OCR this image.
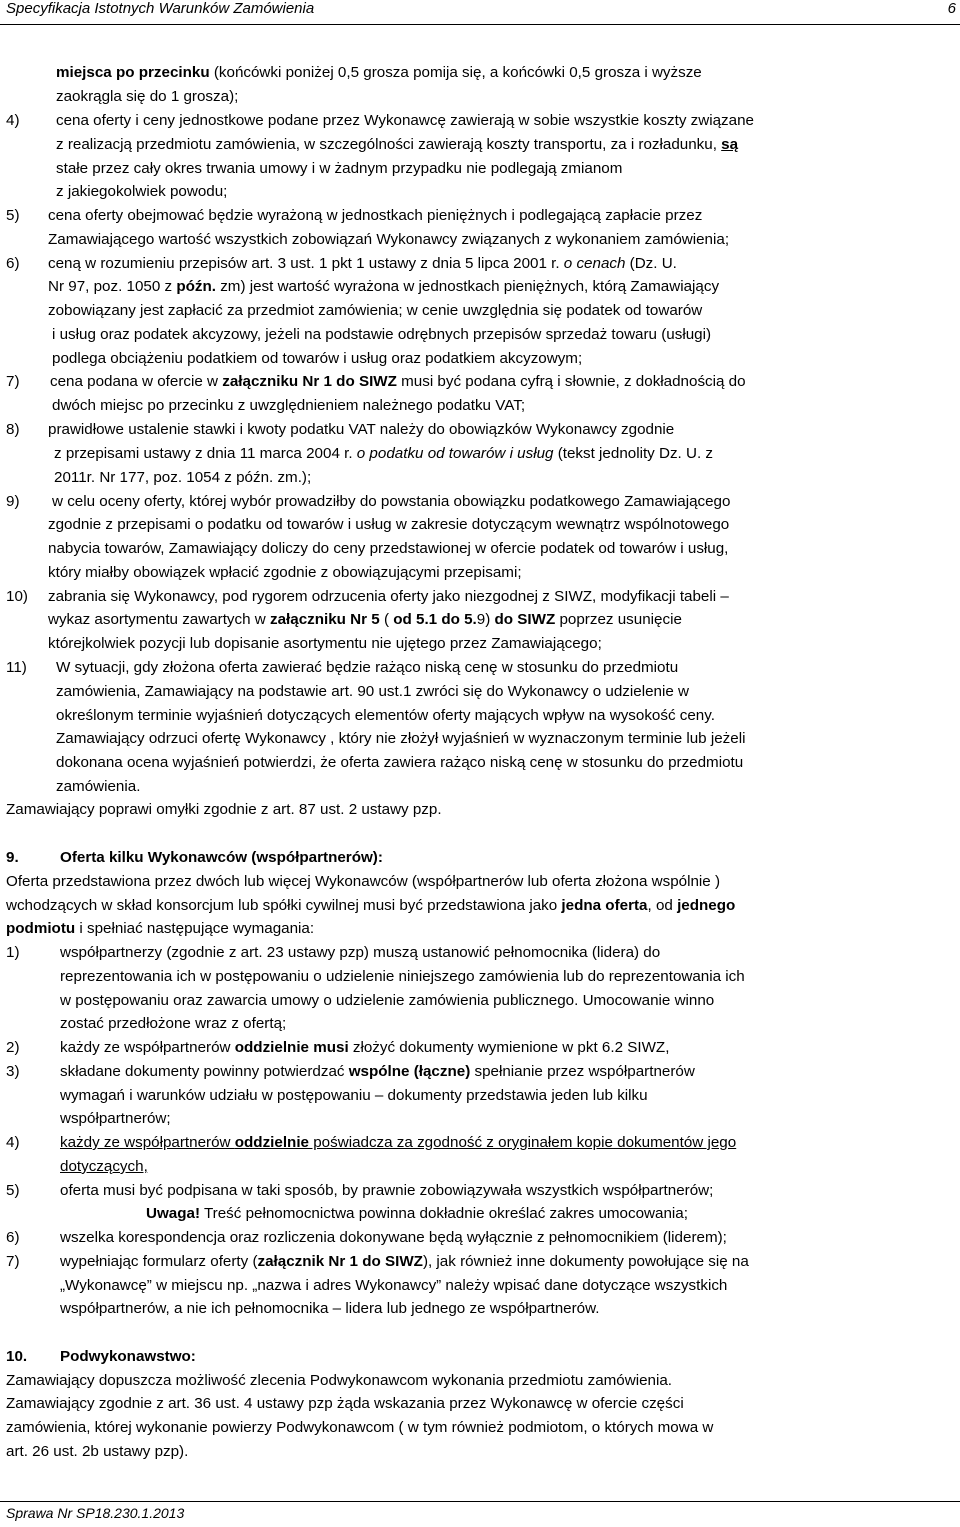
Specyfikacja Istotnych Warunków Zamówienia	6
miejsca po przecinku (końcówki poniżej 0,5 grosza pomija się, a końcówki 0,5 grosza i wyższe
zaokrągla się do 1 grosza);
4) cena oferty i ceny jednostkowe podane przez Wykonawcę zawierają w sobie wszystkie koszty związane
z realizacją przedmiotu zamówienia, w szczególności zawierają koszty transportu, za i rozładunku, są
stałe przez cały okres trwania umowy i w żadnym przypadku nie podlegają zmianom
z jakiegokolwiek powodu;
5) cena oferty obejmować będzie wyrażoną w jednostkach pieniężnych i podlegającą zapłacie przez
Zamawiającego wartość wszystkich zobowiązań Wykonawcy związanych z wykonaniem zamówienia;
6) ceną w rozumieniu przepisów art. 3 ust. 1 pkt 1 ustawy z dnia 5 lipca 2001 r. o cenach (Dz. U.
Nr 97, poz. 1050 z późn. zm) jest wartość wyrażona w jednostkach pieniężnych, którą Zamawiający
zobowiązany jest zapłacić za przedmiot zamówienia; w cenie uwzględnia się podatek od towarów
i usług oraz podatek akcyzowy, jeżeli na podstawie odrębnych przepisów sprzedaż towaru (usługi)
podlega obciążeniu podatkiem od towarów i usług oraz podatkiem akcyzowym;
7) cena podana w ofercie w załączniku Nr 1 do SIWZ musi być podana cyfrą i słownie, z dokładnością do
dwóch miejsc po przecinku z uwzględnieniem należnego podatku VAT;
8) prawidłowe ustalenie stawki i kwoty podatku VAT należy do obowiązków Wykonawcy zgodnie
z przepisami ustawy z dnia 11 marca 2004 r. o podatku od towarów i usług (tekst jednolity Dz. U. z
2011r. Nr 177, poz. 1054 z późn. zm.);
9) w celu oceny oferty, której wybór prowadziłby do powstania obowiązku podatkowego Zamawiającego
zgodnie z przepisami o podatku od towarów i usług w zakresie dotyczącym wewnątrz wspólnotowego
nabycia towarów, Zamawiający doliczy do ceny przedstawionej w ofercie podatek od towarów i usług,
który miałby obowiązek wpłacić zgodnie z obowiązującymi przepisami;
10) zabrania się Wykonawcy, pod rygorem odrzucenia oferty jako niezgodnej z SIWZ, modyfikacji tabeli –
wykaz asortymentu zawartych w załączniku Nr 5 ( od 5.1 do 5.9) do SIWZ poprzez usunięcie
którejkolwiek pozycji lub dopisanie asortymentu nie ujętego przez Zamawiającego;
11) W sytuacji, gdy złożona oferta zawierać będzie rażąco niską cenę w stosunku do przedmiotu
zamówienia, Zamawiający na podstawie art. 90 ust.1 zwróci się do Wykonawcy o udzielenie w
określonym terminie wyjaśnień dotyczących elementów oferty mających wpływ na wysokość ceny.
Zamawiający odrzuci ofertę Wykonawcy , który nie złożył wyjaśnień w wyznaczonym terminie lub jeżeli
dokonana ocena wyjaśnień potwierdzi, że oferta zawiera rażąco niską cenę w stosunku do przedmiotu
zamówienia.
Zamawiający poprawi omyłki zgodnie z art. 87 ust. 2 ustawy pzp.
9.	Oferta kilku Wykonawców (współpartnerów):
Oferta przedstawiona przez dwóch lub więcej Wykonawców (współpartnerów lub oferta złożona wspólnie )
wchodzących w skład konsorcjum lub spółki cywilnej musi być przedstawiona jako jedna oferta, od jednego
podmiotu i spełniać następujące wymagania:
1)	współpartnerzy (zgodnie z art. 23 ustawy pzp) muszą ustanowić pełnomocnika (lidera) do
reprezentowania ich w postępowaniu o udzielenie niniejszego zamówienia lub do reprezentowania ich
w postępowaniu oraz zawarcia umowy o udzielenie zamówienia publicznego. Umocowanie winno
zostać przedłożone wraz z ofertą;
2)	każdy ze współpartnerów oddzielnie musi złożyć dokumenty wymienione w pkt 6.2 SIWZ,
3)	składane dokumenty powinny potwierdzać wspólne (łączne) spełnianie przez współpartnerów
wymagań i warunków udziału w postępowaniu – dokumenty przedstawia jeden lub kilku
współpartnerów;
4)	każdy ze współpartnerów oddzielnie poświadcza za zgodność z oryginałem kopie dokumentów jego
dotyczących,
5)	oferta musi być podpisana w taki sposób, by prawnie zobowiązywała wszystkich współpartnerów;
Uwaga! Treść pełnomocnictwa powinna dokładnie określać zakres umocowania;
6)	wszelka korespondencja oraz rozliczenia dokonywane będą wyłącznie z pełnomocnikiem (liderem);
7)	wypełniając formularz oferty (załącznik Nr 1 do SIWZ), jak również inne dokumenty powołujące się na
„Wykonawcę” w miejscu np. „nazwa i adres Wykonawcy” należy wpisać dane dotyczące wszystkich
współpartnerów, a nie ich pełnomocnika – lidera lub jednego ze współpartnerów.
10. Podwykonawstwo:
Zamawiający dopuszcza możliwość zlecenia Podwykonawcom wykonania przedmiotu zamówienia.
Zamawiający zgodnie z art. 36 ust. 4 ustawy pzp żąda wskazania przez Wykonawcę w ofercie części
zamówienia, której wykonanie powierzy Podwykonawcom ( w tym również podmiotom, o których mowa w
art. 26 ust. 2b ustawy pzp).
Sprawa Nr SP18.230.1.2013
